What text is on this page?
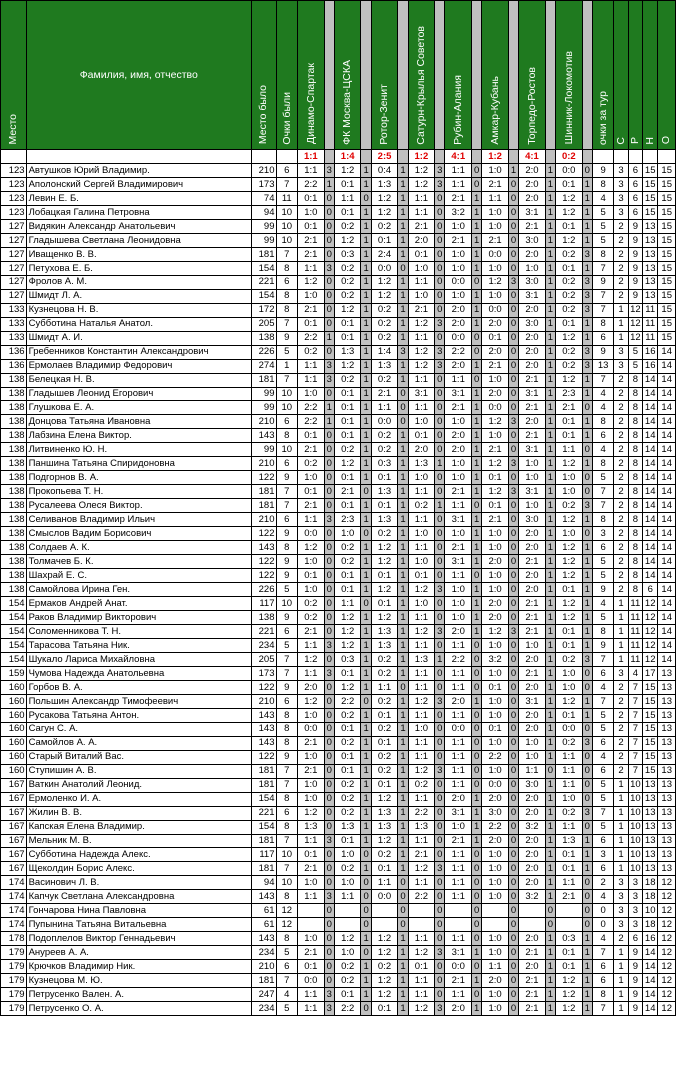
Место	Фамилия, имя, отчество	Место было	Очки были	Динамо-Спартак		ФК Москва-ЦСКА		Ротор-Зенит		Сатурн-Крылья Советов		Рубин-Алания		Амкар-Кубань		Торпедо-Ростов		Шинник-Локомотив		очки за тур	С	Р	Н	О
				1:1		1:4		2:5		1:2		4:1		1:2		4:1		0:2						
123	Автушков Юрий Владимир.	210	6	1:1	3	1:2	1	0:4	1	1:2	3	1:1	0	1:0	1	2:0	1	0:0	0	9	3	6	15	15
123	Аполонский Сергей Владимирович	173	7	2:2	1	0:1	1	1:3	1	1:2	3	1:1	0	2:1	0	2:0	1	0:1	1	8	3	6	15	15
123	Левин Е. Б.	74	11	0:1	0	1:1	0	1:2	1	1:1	0	2:1	1	1:1	0	2:0	1	1:2	1	4	3	6	15	15
123	Лобацкая Галина Петровна	94	10	1:0	0	0:1	1	1:2	1	1:1	0	3:2	1	1:0	0	3:1	1	1:2	1	5	3	6	15	15
127	Видякин Александр Анатольевич	99	10	0:1	0	0:2	1	0:2	1	2:1	0	1:0	1	1:0	0	2:1	1	0:1	1	5	2	9	13	15
127	Гладышева Светлана Леонидовна	99	10	2:1	0	1:2	1	0:1	1	2:0	0	2:1	1	2:1	0	3:0	1	1:2	1	5	2	9	13	15
127	Иващенко В. В.	181	7	2:1	0	0:3	1	2:4	1	0:1	0	1:0	1	0:0	0	2:0	1	0:2	3	8	2	9	13	15
127	Петухова Е. Б.	154	8	1:1	3	0:2	1	0:0	0	1:0	0	1:0	1	1:0	0	1:0	1	0:1	1	7	2	9	13	15
127	Фролов А. М.	221	6	1:2	0	0:2	1	1:2	1	1:1	0	0:0	0	1:2	3	3:0	1	0:2	3	9	2	9	13	15
127	Шмидт Л. А.	154	8	1:0	0	0:2	1	1:2	1	1:0	0	1:0	1	1:0	0	3:1	1	0:2	3	7	2	9	13	15
133	Кузнецова Н. В.	172	8	2:1	0	1:2	1	0:2	1	2:1	0	2:0	1	0:0	0	2:0	1	0:2	3	7	1	12	11	15
133	Субботина Наталья Анатол.	205	7	0:1	0	0:1	1	0:2	1	1:2	3	2:0	1	2:0	0	3:0	1	0:1	1	8	1	12	11	15
133	Шмидт А. И.	138	9	2:2	1	0:1	1	0:2	1	1:1	0	0:0	0	0:1	0	2:0	1	1:2	1	6	1	12	11	15
136	Гребенников Константин Александрович	226	5	0:2	0	1:3	1	1:4	3	1:2	3	2:2	0	2:0	0	2:0	1	0:2	3	9	3	5	16	14
136	Ермолаев Владимир Федорович	274	1	1:1	3	1:2	1	1:3	1	1:2	3	2:0	1	2:1	0	2:0	1	0:2	3	13	3	5	16	14
138	Белецкая Н. В.	181	7	1:1	3	0:2	1	0:2	1	1:1	0	1:1	0	1:0	0	2:1	1	1:2	1	7	2	8	14	14
138	Гладышев Леонид Егорович	99	10	1:0	0	0:1	1	2:1	0	3:1	0	3:1	1	2:0	0	3:1	1	2:3	1	4	2	8	14	14
138	Глушкова Е. А.	99	10	2:2	1	0:1	1	1:1	0	1:1	0	2:1	1	0:0	0	2:1	1	2:1	0	4	2	8	14	14
138	Донцова Татьяна Ивановна	210	6	2:2	1	0:1	1	0:0	0	1:0	0	1:0	1	1:2	3	2:0	1	0:1	1	8	2	8	14	14
138	Лабзина Елена Виктор.	143	8	0:1	0	0:1	1	0:2	1	0:1	0	2:0	1	1:0	0	2:1	1	0:1	1	6	2	8	14	14
138	Литвиненко Ю. Н.	99	10	2:1	0	0:2	1	0:2	1	2:0	0	2:0	1	2:1	0	3:1	1	1:1	0	4	2	8	14	14
138	Паншина Татьяна Спиридоновна	210	6	0:2	0	1:2	1	0:3	1	1:3	1	1:0	1	1:2	3	1:0	1	1:2	1	8	2	8	14	14
138	Подгорнов В. А.	122	9	1:0	0	0:1	1	0:1	1	1:0	0	1:0	1	0:1	0	1:0	1	1:0	0	5	2	8	14	14
138	Прокопьева Т. Н.	181	7	0:1	0	2:1	0	1:3	1	1:1	0	2:1	1	1:2	3	3:1	1	1:0	0	7	2	8	14	14
138	Русалеева Олеся Виктор.	181	7	2:1	0	0:1	1	0:1	1	0:2	1	1:1	0	0:1	0	1:0	1	0:2	3	7	2	8	14	14
138	Селиванов Владимир Ильич	210	6	1:1	3	2:3	1	1:3	1	1:1	0	3:1	1	2:1	0	3:0	1	1:2	1	8	2	8	14	14
138	Смыслов Вадим Борисович	122	9	0:0	0	1:0	0	0:2	1	1:0	0	1:0	1	1:0	0	2:0	1	1:0	0	3	2	8	14	14
138	Солдаев А. К.	143	8	1:2	0	0:2	1	1:2	1	1:1	0	2:1	1	1:0	0	2:0	1	1:2	1	6	2	8	14	14
138	Толмачев Б. К.	122	9	1:0	0	0:2	1	1:2	1	1:0	0	3:1	1	2:0	0	2:1	1	1:2	1	5	2	8	14	14
138	Шахрай Е. С.	122	9	0:1	0	0:1	1	0:1	1	0:1	0	1:1	0	1:0	0	2:0	1	1:2	1	5	2	8	14	14
138	Самойлова Ирина Ген.	226	5	1:0	0	0:1	1	1:2	1	1:2	3	1:0	1	1:0	0	2:0	1	0:1	1	9	2	8	6	14
154	Ермаков Андрей Анат.	117	10	0:2	0	1:1	0	0:1	1	1:0	0	1:0	1	2:0	0	2:1	1	1:2	1	4	1	11	12	14
154	Раков Владимир Викторович	138	9	0:2	0	1:2	1	1:2	1	1:1	0	1:0	1	2:0	0	2:1	1	1:2	1	5	1	11	12	14
154	Соломенникова Т. Н.	221	6	2:1	0	1:2	1	1:3	1	1:2	3	2:0	1	1:2	3	2:1	1	0:1	1	8	1	11	12	14
154	Тарасова Татьяна Ник.	234	5	1:1	3	1:2	1	1:3	1	1:1	0	1:1	0	1:0	0	1:0	1	0:1	1	9	1	11	12	14
154	Шукало Лариса Михайловна	205	7	1:2	0	0:3	1	0:2	1	1:3	1	2:2	0	3:2	0	2:0	1	0:2	3	7	1	11	12	14
159	Чумова Надежда Анатольевна	173	7	1:1	3	0:1	1	0:2	1	1:1	0	1:1	0	1:0	0	2:1	1	1:0	0	6	3	4	17	13
160	Горбов В. А.	122	9	2:0	0	1:2	1	1:1	0	1:1	0	1:1	0	0:1	0	2:0	1	1:0	0	4	2	7	15	13
160	Польшин Александр Тимофеевич	210	6	1:2	0	2:2	0	0:2	1	1:2	3	2:0	1	1:0	0	3:1	1	1:2	1	7	2	7	15	13
160	Русакова Татьяна Антон.	143	8	1:0	0	0:2	1	0:1	1	1:1	0	1:1	0	1:0	0	2:0	1	0:1	1	5	2	7	15	13
160	Сагун С. А.	143	8	0:0	0	0:1	1	0:2	1	1:0	0	0:0	0	0:1	0	2:0	1	0:0	0	5	2	7	15	13
160	Самойлов А. А.	143	8	2:1	0	0:2	1	0:1	1	1:1	0	1:1	0	1:0	0	1:0	1	0:2	3	6	2	7	15	13
160	Старый Виталий Вас.	122	9	1:0	0	0:1	1	0:2	1	1:1	0	1:1	0	2:2	0	1:0	1	1:1	0	4	2	7	15	13
160	Ступишин А. В.	181	7	2:1	0	0:1	1	0:2	1	1:2	3	1:1	0	1:0	0	1:1	0	1:1	0	6	2	7	15	13
167	Ваткин Анатолий Леонид.	181	7	1:0	0	0:2	1	0:1	1	0:2	0	1:1	0	0:0	0	3:0	1	1:1	0	5	1	10	13	13
167	Ермоленко И. А.	154	8	1:0	0	0:2	1	1:2	1	1:1	0	2:0	1	2:0	0	2:0	1	1:0	0	5	1	10	13	13
167	Жилин В. В.	221	6	1:2	0	0:2	1	1:3	1	2:2	0	3:1	1	3:0	0	2:0	1	0:2	3	7	1	10	13	13
167	Капская Елена Владимир.	154	8	1:3	0	1:3	1	1:3	1	1:3	0	1:0	1	2:2	0	3:2	1	1:1	0	5	1	10	13	13
167	Мельник М. В.	181	7	1:1	3	0:1	1	1:2	1	1:1	0	2:1	1	2:0	0	2:0	1	1:3	1	6	1	10	13	13
167	Субботина Надежда Алекс.	117	10	0:1	0	1:0	0	0:2	1	2:1	0	1:1	0	1:0	0	2:0	1	0:1	1	3	1	10	13	13
167	Щеколдин Борис Алекс.	181	7	2:1	0	0:2	1	0:1	1	1:2	3	1:1	0	1:0	0	2:0	1	0:1	1	6	1	10	13	13
174	Васинович Л. В.	94	10	1:0	0	1:0	0	1:1	0	1:1	0	1:1	0	1:0	0	2:0	1	1:1	0	2	3	3	18	12
174	Капчук Светлана Александровна	143	8	1:1	3	1:1	0	0:0	0	2:2	0	1:1	0	1:0	0	3:2	1	2:1	0	4	3	3	18	12
174	Гончарова Нина Павловна	61	12		0		0		0		0		0		0		0		0	0	3	3	10	12
174	Пупынина Татьяна Витальевна	61	12		0		0		0		0		0		0		0		0	0	3	3	18	12
178	Подоплелов Виктор Геннадьевич	143	8	1:0	0	1:2	1	1:2	1	1:1	0	1:1	0	1:0	0	2:0	1	0:3	1	4	2	6	16	12
179	Ануреев А. А.	234	5	2:1	0	1:0	0	1:2	1	1:2	3	3:1	1	1:0	0	2:1	1	0:1	1	7	1	9	14	12
179	Крючков Владимир Ник.	210	6	0:1	0	0:2	1	0:2	1	0:1	0	0:0	0	1:1	0	2:0	1	0:1	1	6	1	9	14	12
179	Кузнецова М. Ю.	181	7	0:0	0	0:2	1	1:2	1	1:1	0	2:1	1	2:0	0	2:1	1	1:2	1	6	1	9	14	12
179	Петрусенко Вален. А.	247	4	1:1	3	0:1	1	1:2	1	1:1	0	1:1	0	1:0	0	2:1	1	1:2	1	8	1	9	14	12
179	Петрусенко О. А.	234	5	1:1	3	2:2	0	0:1	1	1:2	3	2:0	1	1:0	0	2:1	1	1:2	1	7	1	9	14	12
